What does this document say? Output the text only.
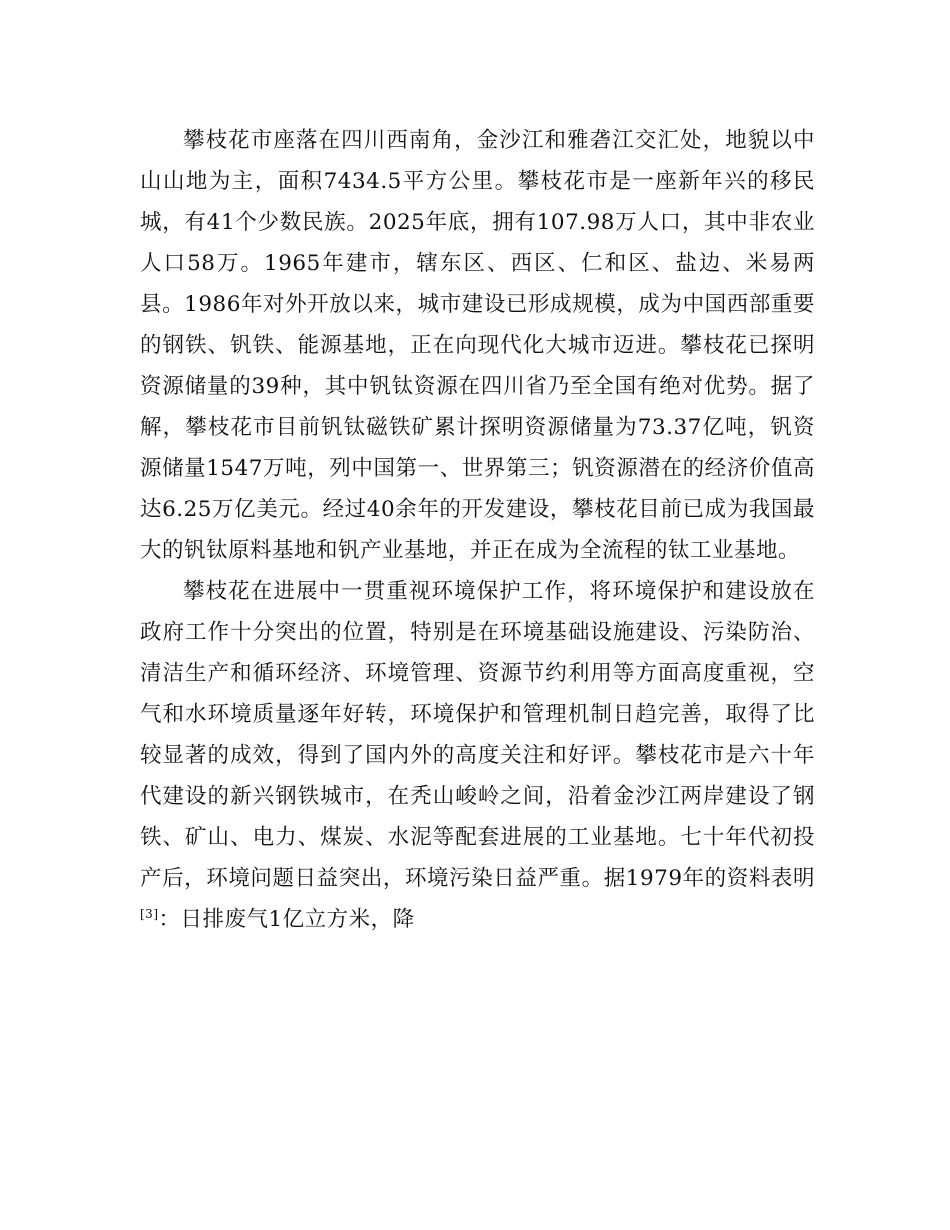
攀枝花市座落在四川西南角，金沙江和雅砻江交汇处，地貌以中山山地为主，面积7434.5平方公里。攀枝花市是一座新年兴的移民城，有41个少数民族。2025年底，拥有107.98万人口，其中非农业人口58万。1965年建市，辖东区、西区、仁和区、盐边、米易两县。1986年对外开放以来，城市建设已形成规模，成为中国西部重要的钢铁、钒铁、能源基地，正在向现代化大城市迈进。攀枝花已探明资源储量的39种，其中钒钛资源在四川省乃至全国有绝对优势。据了解，攀枝花市目前钒钛磁铁矿累计探明资源储量为73.37亿吨，钒资源储量1547万吨，列中国第一、世界第三；钒资源潜在的经济价值高达6.25万亿美元。经过40余年的开发建设，攀枝花目前已成为我国最大的钒钛原料基地和钒产业基地，并正在成为全流程的钛工业基地。

攀枝花在进展中一贯重视环境保护工作，将环境保护和建设放在政府工作十分突出的位置，特别是在环境基础设施建设、污染防治、清洁生产和循环经济、环境管理、资源节约利用等方面高度重视，空气和水环境质量逐年好转，环境保护和管理机制日趋完善，取得了比较显著的成效，得到了国内外的高度关注和好评。攀枝花市是六十年代建设的新兴钢铁城市，在秃山峻岭之间，沿着金沙江两岸建设了钢铁、矿山、电力、煤炭、水泥等配套进展的工业基地。七十年代初投产后，环境问题日益突出，环境污染日益严重。据1979年的资料表明[3]：日排废气1亿立方米，降
